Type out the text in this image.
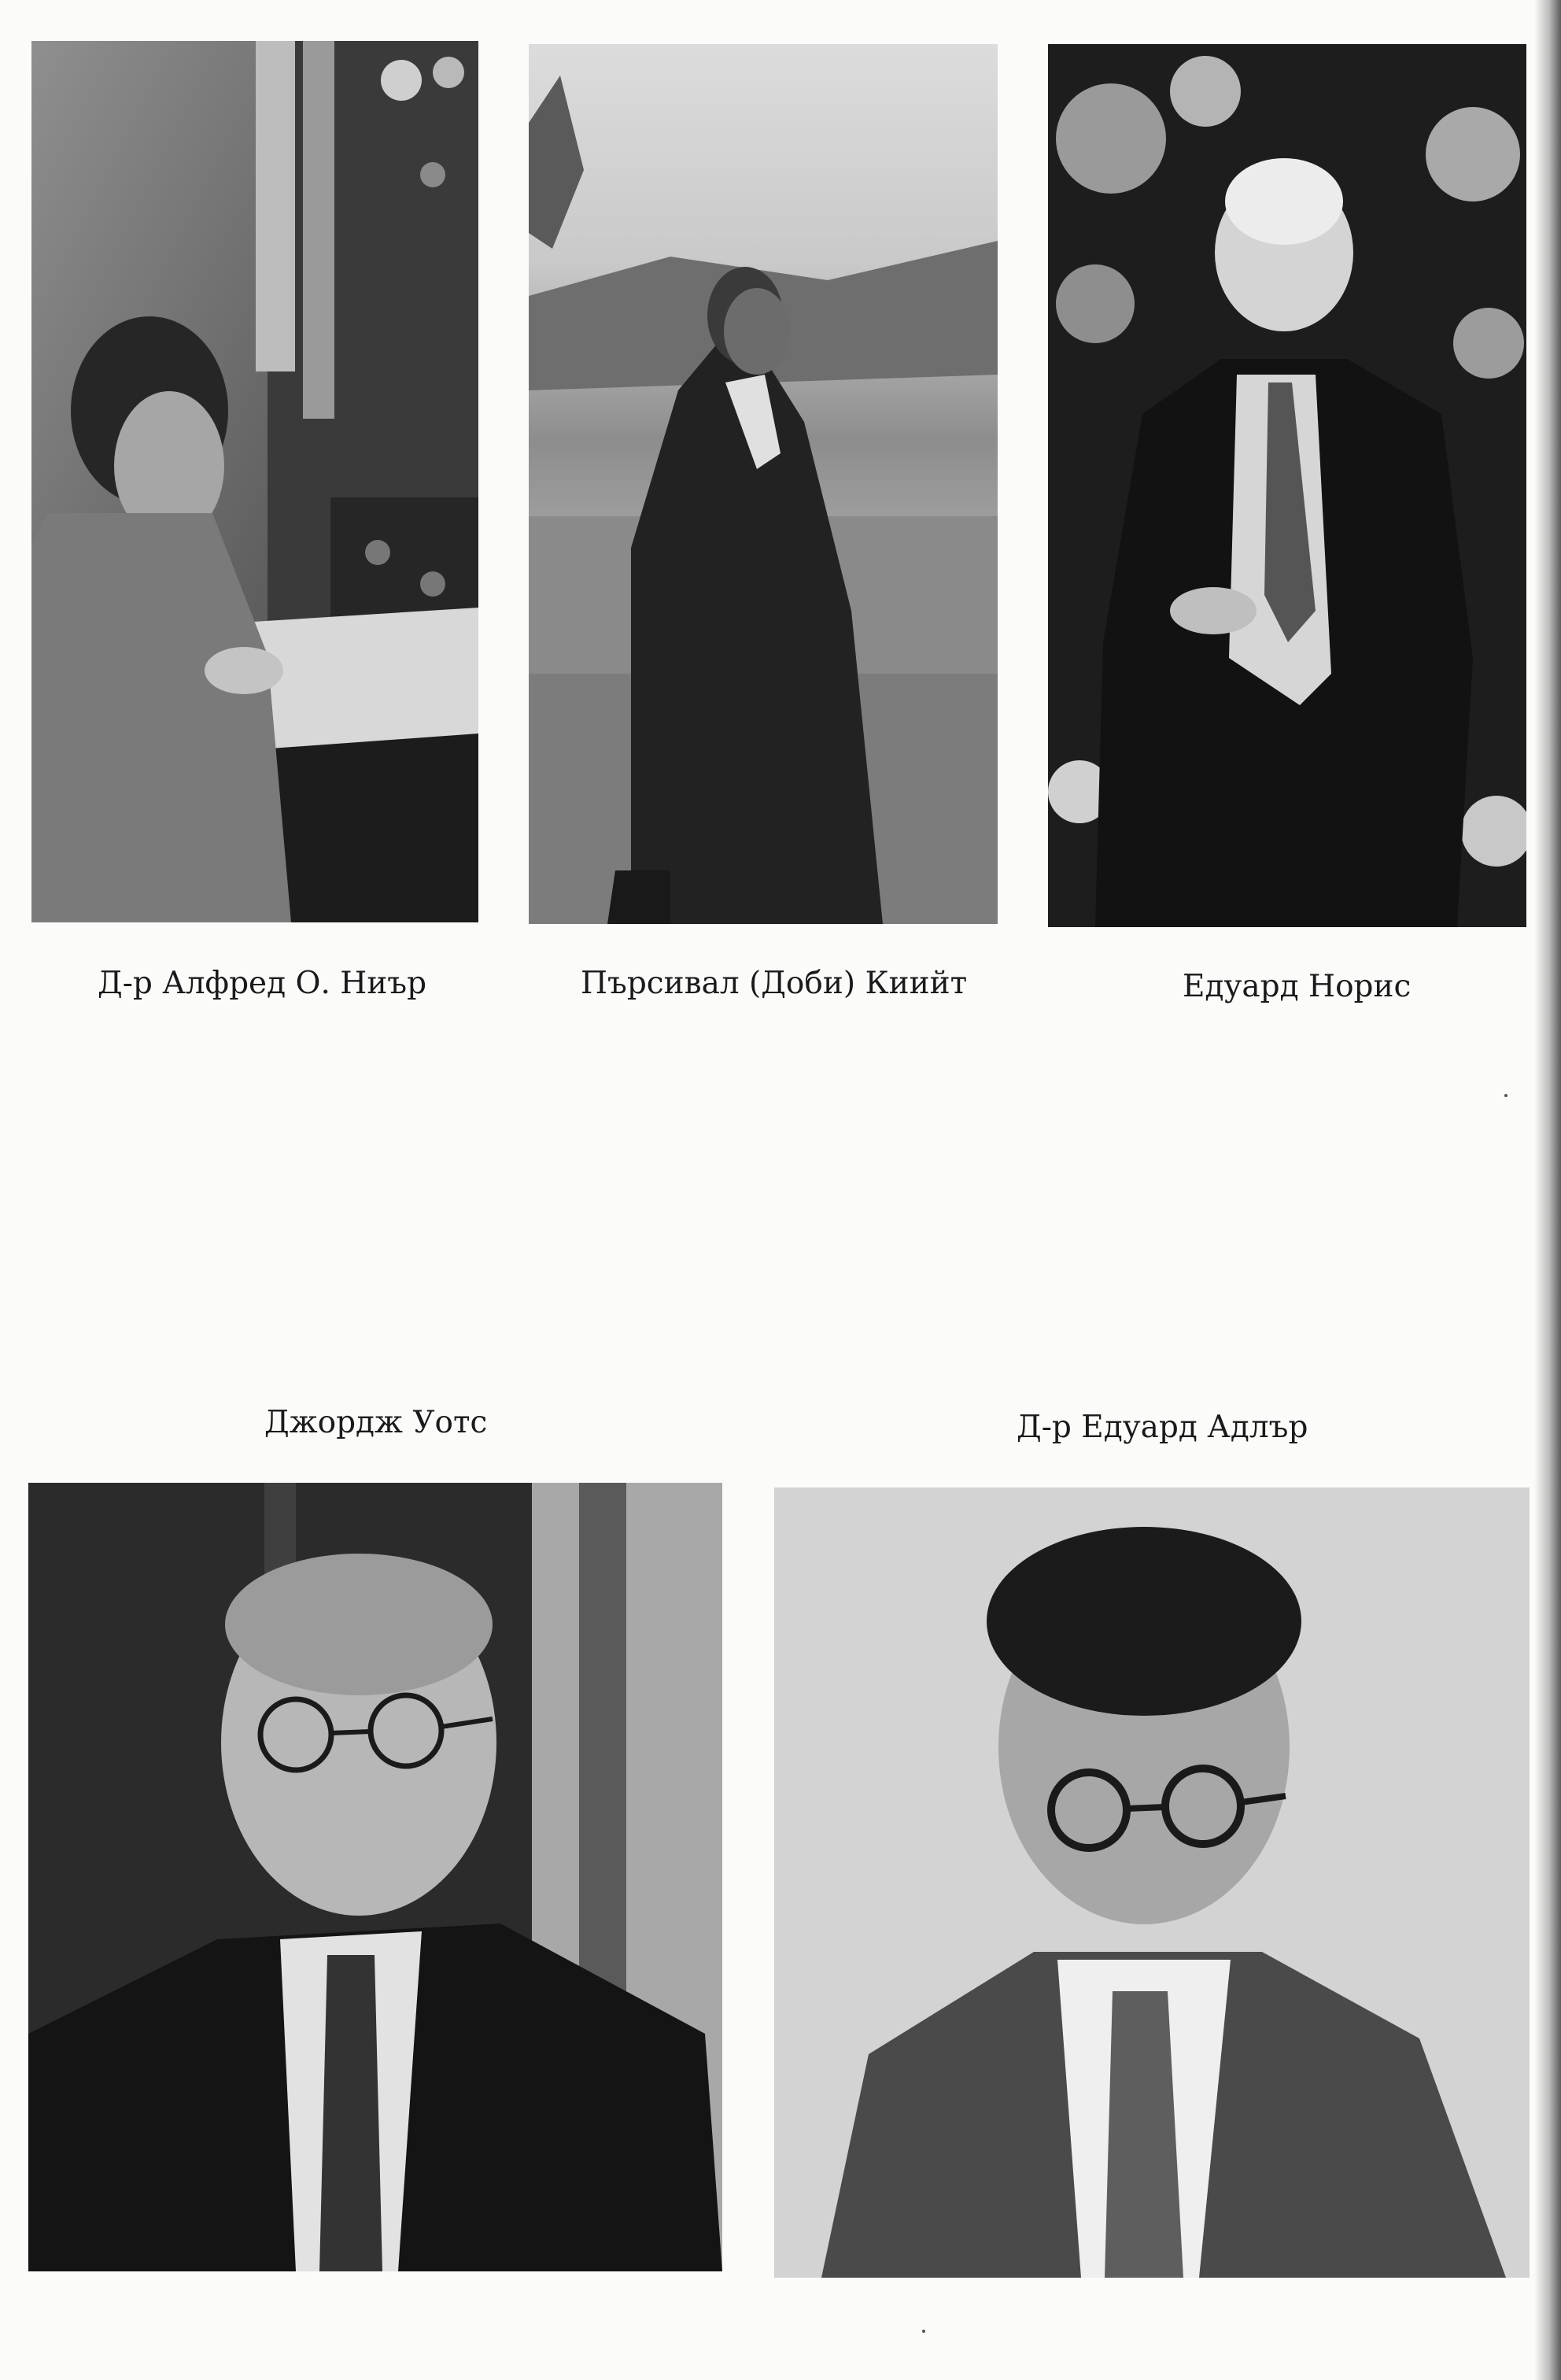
Д-р Алфред О. Ниър	Пърсивал (Доби) Киийт	Едуард Норис
Джордж Уотс	Д-р Едуард Адлър
